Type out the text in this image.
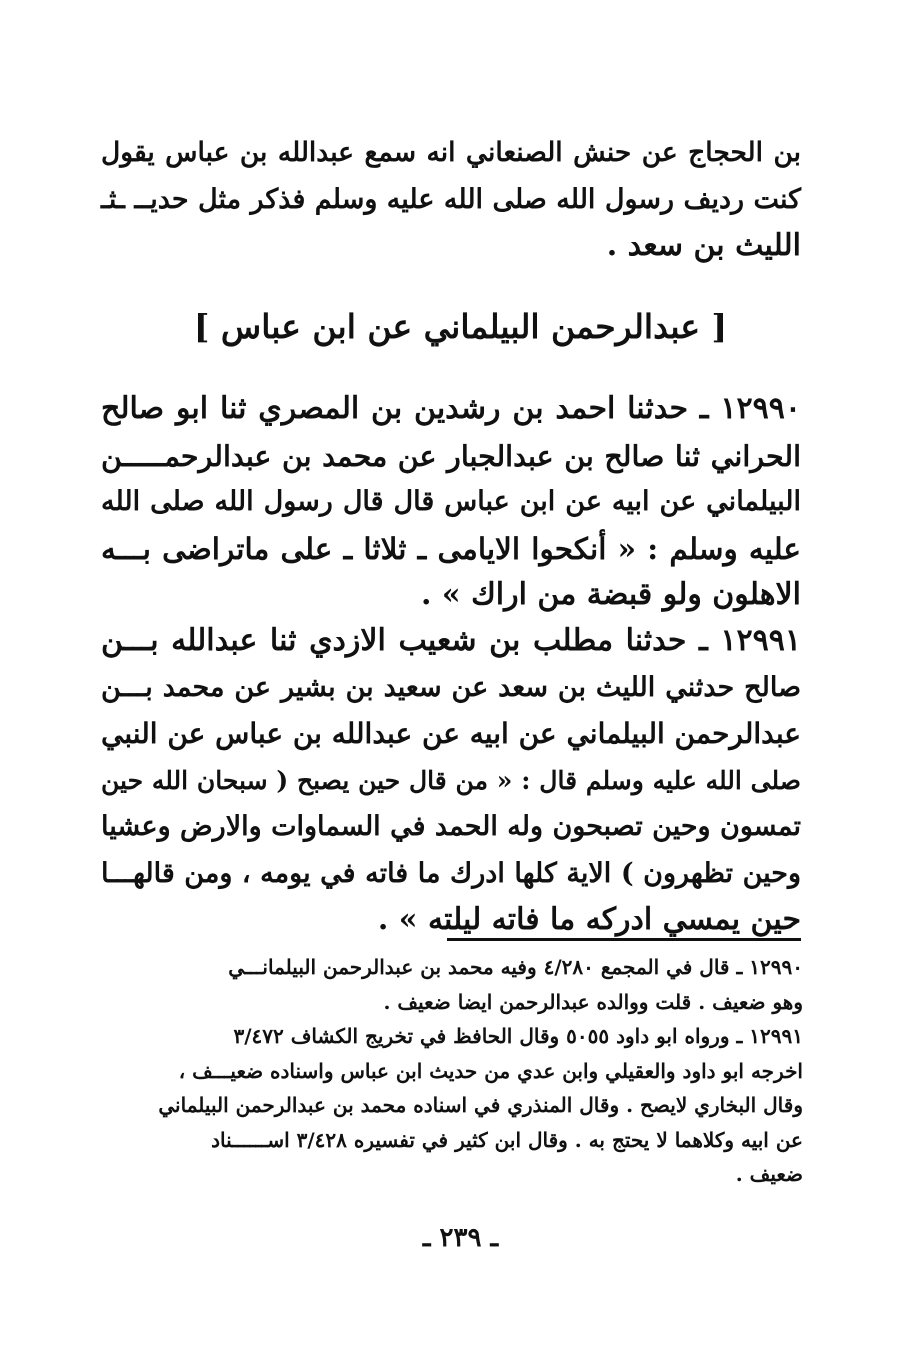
بن الحجاج عن حنش الصنعاني انه سمع عبدالله بن عباس يقول
كنت رديف رسول الله صلى الله عليه وسلم فذكر مثل حديــ ـثـ
الليث بن سعد .
[ عبدالرحمن البيلماني عن ابن عباس ]
١٢٩٩٠ ـ حدثنا احمد بن رشدين بن المصري ثنا ابو صالح
الحراني ثنا صالح بن عبدالجبار عن محمد بن عبدالرحمـــــن
البيلماني عن ابيه عن ابن عباس قال قال رسول الله صلى الله
عليه وسلم : « أنكحوا الايامى ـ ثلاثا ـ على ماتراضى بـــه
الاهلون ولو قبضة من اراك » .
١٢٩٩١ ـ حدثنا مطلب بن شعيب الازدي ثنا عبدالله بـــن
صالح حدثني الليث بن سعد عن سعيد بن بشير عن محمد بـــن
عبدالرحمن البيلماني عن ابيه عن عبدالله بن عباس عن النبي
صلى الله عليه وسلم قال : « من قال حين يصبح ( سبحان الله حين
تمسون وحين تصبحون وله الحمد في السماوات والارض وعشيا
وحين تظهرون ) الاية كلها ادرك ما فاته في يومه ، ومن قالهـــا
حين يمسي ادركه ما فاته ليلته » .
١٢٩٩٠ ـ قال في المجمع ٤/٢٨٠ وفيه محمد بن عبدالرحمن البيلمانـــي
وهو ضعيف . قلت ووالده عبدالرحمن ايضا ضعيف .
١٢٩٩١ ـ ورواه ابو داود ٥٠٥٥ وقال الحافظ في تخريج الكشاف ٣/٤٧٢
اخرجه ابو داود والعقيلي وابن عدي من حديث ابن عباس واسناده ضعيـــف ،
وقال البخاري لايصح . وقال المنذري في اسناده محمد بن عبدالرحمن البيلماني
عن ابيه وكلاهما لا يحتج به . وقال ابن كثير في تفسيره ٣/٤٢٨ اســــــناد
ضعيف .
ـ ٢٣٩ ـ
